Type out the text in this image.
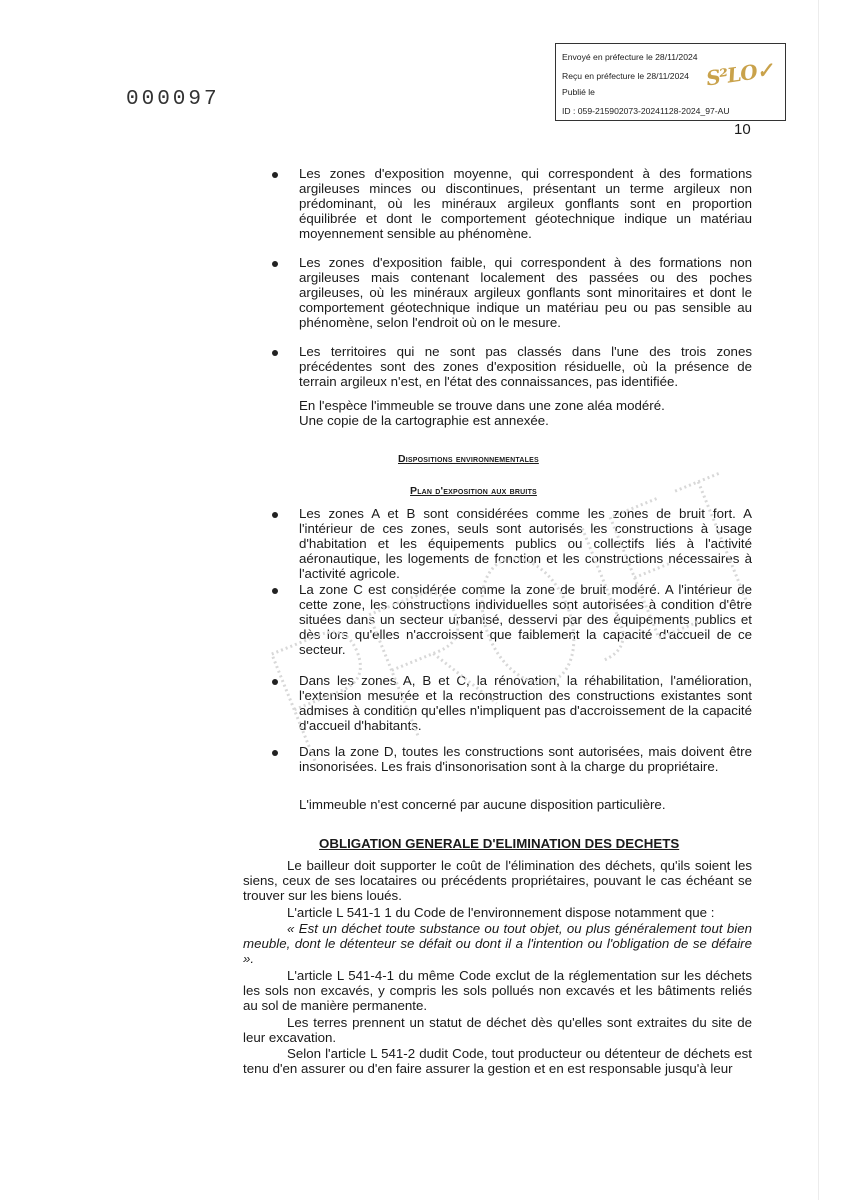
000097
Envoyé en préfecture le 28/11/2024
Reçu en préfecture le 28/11/2024
Publié le
ID : 059-215902073-20241128-2024_97-AU
S²LO✓
10
Les zones d'exposition moyenne, qui correspondent à des formations argileuses minces ou discontinues, présentant un terme argileux non prédominant, où les minéraux argileux gonflants sont en proportion équilibrée et dont le comportement géotechnique indique un matériau moyennement sensible au phénomène.
Les zones d'exposition faible, qui correspondent à des formations non argileuses mais contenant localement des passées ou des poches argileuses, où les minéraux argileux gonflants sont minoritaires et dont le comportement géotechnique indique un matériau peu ou pas sensible au phénomène, selon l'endroit où on le mesure.
Les territoires qui ne sont pas classés dans l'une des trois zones précédentes sont des zones d'exposition résiduelle, où la présence de terrain argileux n'est, en l'état des connaissances, pas identifiée.
En l'espèce l'immeuble se trouve dans une zone aléa modéré.
Une copie de la cartographie est annexée.
Dispositions environnementales
Plan d'exposition aux bruits
Les zones A et B sont considérées comme les zones de bruit fort. A l'intérieur de ces zones, seuls sont autorisés les constructions à usage d'habitation et les équipements publics ou collectifs liés à l'activité aéronautique, les logements de fonction et les constructions nécessaires à l'activité agricole.
La zone C est considérée comme la zone de bruit modéré. A l'intérieur de cette zone, les constructions individuelles sont autorisées à condition d'être situées dans un secteur urbanisé, desservi par des équipements publics et dès lors qu'elles n'accroissent que faiblement la capacité d'accueil de ce secteur.
Dans les zones A, B et C, la rénovation, la réhabilitation, l'amélioration, l'extension mesurée et la reconstruction des constructions existantes sont admises à condition qu'elles n'impliquent pas d'accroissement de la capacité d'accueil d'habitants.
Dans la zone D, toutes les constructions sont autorisées, mais doivent être insonorisées. Les frais d'insonorisation sont à la charge du propriétaire.
L'immeuble n'est concerné par aucune disposition particulière.
OBLIGATION GENERALE D'ELIMINATION DES DECHETS
Le bailleur doit supporter le coût de l'élimination des déchets, qu'ils soient les siens, ceux de ses locataires ou précédents propriétaires, pouvant le cas échéant se trouver sur les biens loués.
L'article L 541-1 1 du Code de l'environnement dispose notamment que :
« Est un déchet toute substance ou tout objet, ou plus généralement tout bien meuble, dont le détenteur se défait ou dont il a l'intention ou l'obligation de se défaire ».
L'article L 541-4-1 du même Code exclut de la réglementation sur les déchets les sols non excavés, y compris les sols pollués non excavés et les bâtiments reliés au sol de manière permanente.
Les terres prennent un statut de déchet dès qu'elles sont extraites du site de leur excavation.
Selon l'article L 541-2 dudit Code, tout producteur ou détenteur de déchets est tenu d'en assurer ou d'en faire assurer la gestion et en est responsable jusqu'à leur
